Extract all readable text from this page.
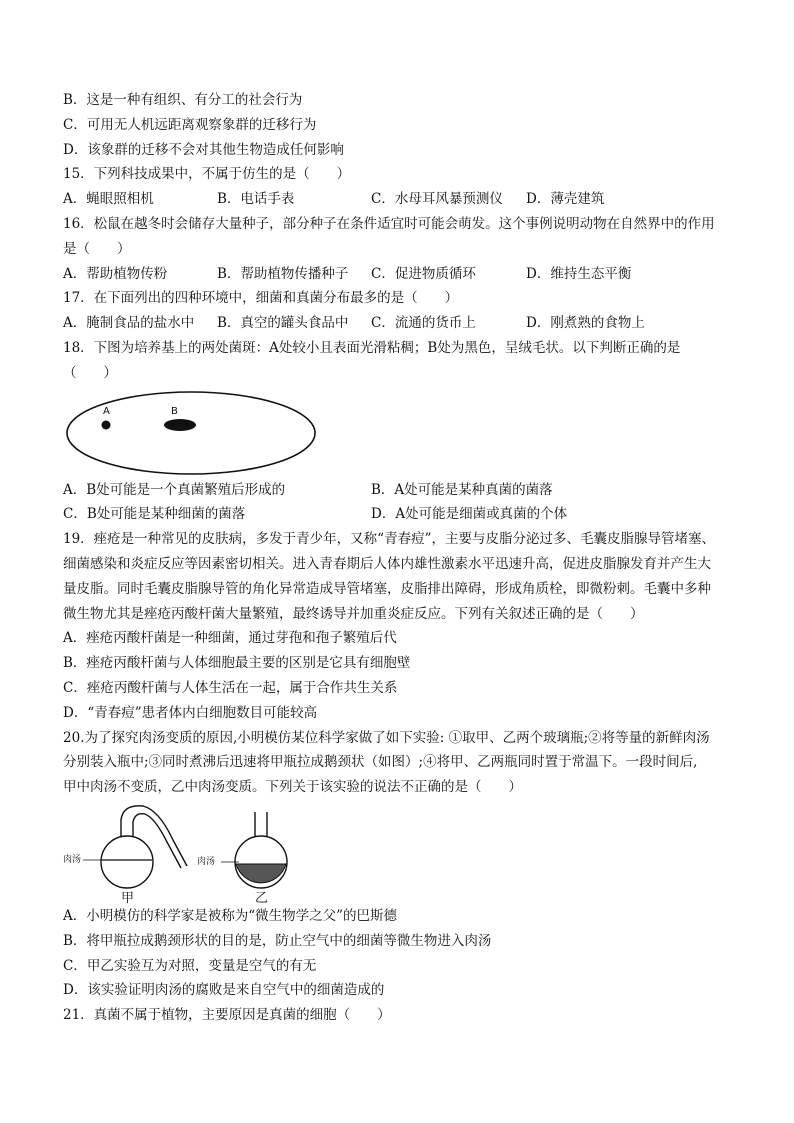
B．这是一种有组织、有分工的社会行为
C．可用无人机远距离观察象群的迁移行为
D．该象群的迁移不会对其他生物造成任何影响
15．下列科技成果中，不属于仿生的是（　　）
A．蝇眼照相机	B．电话手表	C．水母耳风暴预测仪	D．薄壳建筑
16．松鼠在越冬时会储存大量种子，部分种子在条件适宜时可能会萌发。这个事例说明动物在自然界中的作用
是（　　）
A．帮助植物传粉	B．帮助植物传播种子	C．促进物质循环	D．维持生态平衡
17．在下面列出的四种环境中，细菌和真菌分布最多的是（　　）
A．腌制食品的盐水中	B．真空的罐头食品中	C．流通的货币上	D．刚煮熟的食物上
18．下图为培养基上的两处菌斑：A处较小且表面光滑粘稠；B处为黑色，呈绒毛状。以下判断正确的是
（　　）
A	B
A．B处可能是一个真菌繁殖后形成的	B．A处可能是某种真菌的菌落
C．B处可能是某种细菌的菌落	D．A处可能是细菌或真菌的个体
19．痤疮是一种常见的皮肤病，多发于青少年，又称“青春痘”，主要与皮脂分泌过多、毛囊皮脂腺导管堵塞、
细菌感染和炎症反应等因素密切相关。进入青春期后人体内雄性激素水平迅速升高，促进皮脂腺发育并产生大
量皮脂。同时毛囊皮脂腺导管的角化异常造成导管堵塞，皮脂排出障碍，形成角质栓，即微粉刺。毛囊中多种
微生物尤其是痤疮丙酸杆菌大量繁殖，最终诱导并加重炎症反应。下列有关叙述正确的是（　　）
A．痤疮丙酸杆菌是一种细菌，通过芽孢和孢子繁殖后代
B．痤疮丙酸杆菌与人体细胞最主要的区别是它具有细胞壁
C．痤疮丙酸杆菌与人体生活在一起，属于合作共生关系
D．“青春痘”患者体内白细胞数目可能较高
20.为了探究肉汤变质的原因,小明模仿某位科学家做了如下实验: ①取甲、乙两个玻璃瓶;②将等量的新鲜肉汤
分别装入瓶中;③同时煮沸后迅速将甲瓶拉成鹅颈状（如图）;④将甲、乙两瓶同时置于常温下。一段时间后,
甲中肉汤不变质，乙中肉汤变质。下列关于该实验的说法不正确的是（　　）
肉汤	肉汤
甲	乙
A．小明模仿的科学家是被称为“微生物学之父”的巴斯德
B．将甲瓶拉成鹅颈形状的目的是，防止空气中的细菌等微生物进入肉汤
C．甲乙实验互为对照，变量是空气的有无
D．该实验证明肉汤的腐败是来自空气中的细菌造成的
21．真菌不属于植物，主要原因是真菌的细胞（　　）
